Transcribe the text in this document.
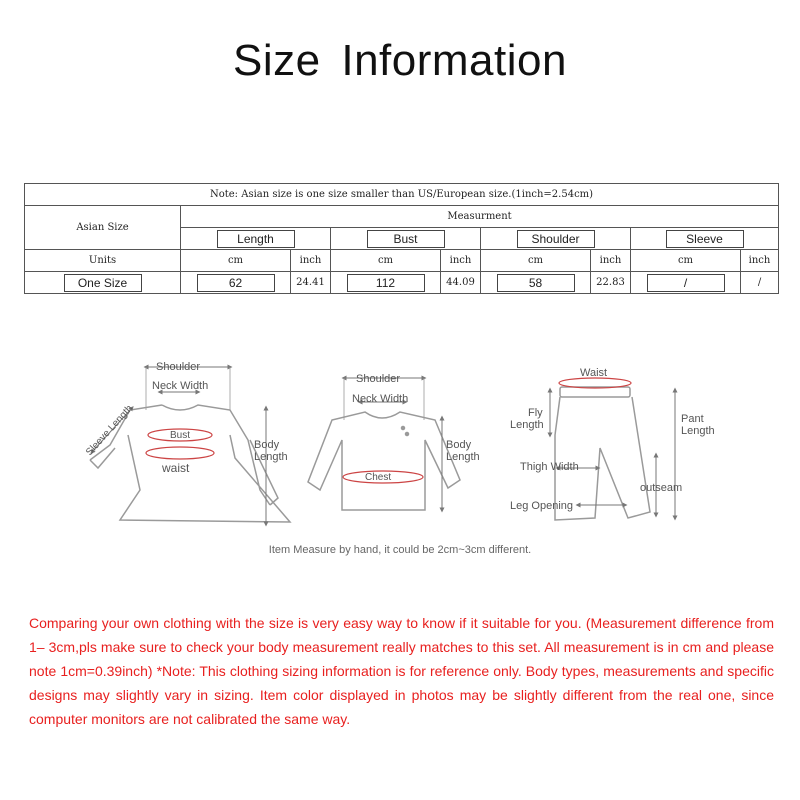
Size Information
Note: Asian size is one size smaller than US/European size.(1inch=2.54cm)								
Asian Size	Measurment							
	Length		Bust		Shoulder		Sleeve	
Units	cm	inch	cm	inch	cm	inch	cm	inch
One Size	62	24.41	112	44.09	58	22.83	/	/
Shoulder
Neck Width
Sleeve Length	Bust
waist
Body
Length
Shoulder
Neck Width
Chest
Body
Length
Waist
Fly
Length	Pant
Length
Thigh Width
outseam
Leg Opening
Item Measure by hand, it could be 2cm~3cm different.
Comparing your own clothing with the size is very easy way to know if it suitable for you. (Measurement difference from 1– 3cm,pls make sure to check your body measurement really matches to this set. All measurement is in cm and please note 1cm=0.39inch) *Note: This clothing sizing information is for reference only. Body types, measurements and specific designs may slightly vary in sizing. Item color displayed in photos may be slightly different from the real one, since computer monitors are not calibrated the same way.
